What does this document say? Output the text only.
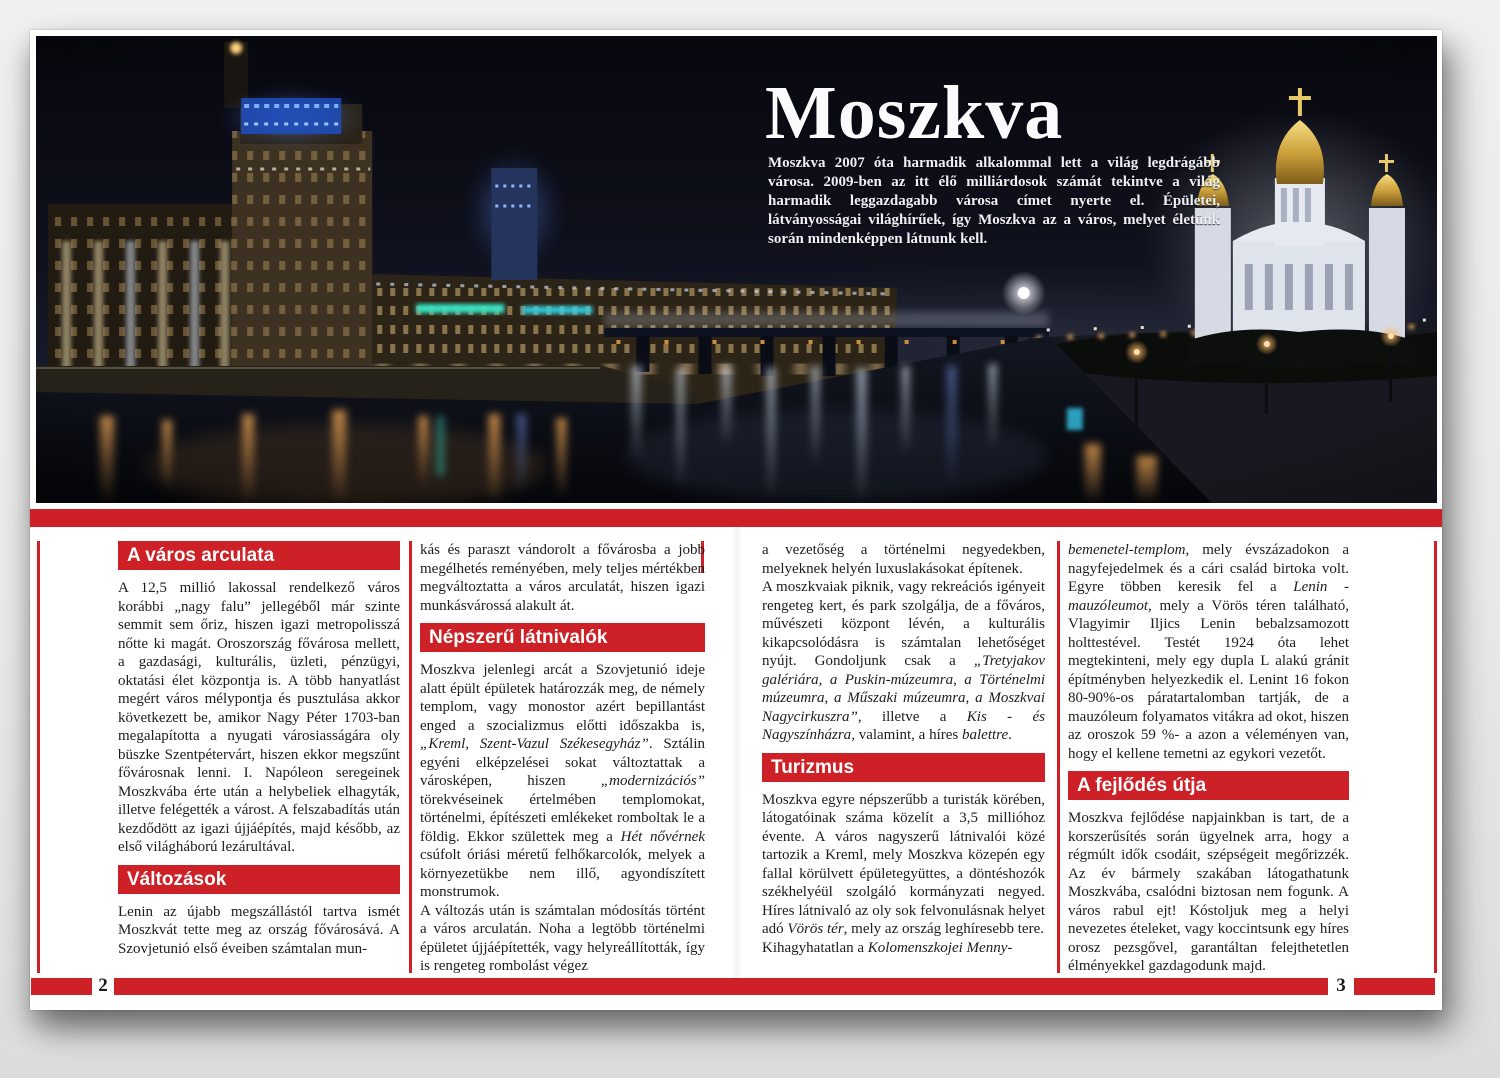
Moszkva
Moszkva 2007 óta harmadik alkalommal lett a világ legdrágább városa. 2009-ben az itt élő milliárdosok számát tekintve a világ harmadik leggazdagabb városa címet nyerte el. Épületei, látványosságai világhírűek, így Moszkva az a város, melyet életünk során mindenképpen látnunk kell.
A város arculata

A 12,5 millió lakossal rendelkező város korábbi „nagy falu” jellegéből már szinte semmit sem őriz, hiszen igazi metropolisszá nőtte ki magát. Oroszország fővárosa mellett, a gazdasági, kulturális, üzleti, pénzügyi, oktatási élet központja is. A több hanyatlást megért város mélypontja és pusztulása akkor következett be, amikor Nagy Péter 1703-ban megalapította a nyugati városiasságára oly büszke Szentpétervárt, hiszen ekkor megszűnt fővárosnak lenni. I. Napóleon seregeinek Moszkvába érte után a helybeliek elhagyták, illetve felégették a várost. A felszabadítás után kezdődött az igazi újjáépítés, majd később, az első világháború lezárultával.

Változások

Lenin az újabb megszállástól tartva ismét Moszkvát tette meg az ország fővárosává. A Szovjetunió első éveiben számtalan mun-

kás és paraszt vándorolt a fővárosba a jobb megélhetés reményében, mely teljes mértékben megváltoztatta a város arculatát, hiszen igazi munkásvárossá alakult át.

Népszerű látnivalók

Moszkva jelenlegi arcát a Szovjetunió ideje alatt épült épületek határozzák meg, de némely templom, vagy monostor azért bepillantást enged a szocializmus előtti időszakba is, „Kreml, Szent-Vazul Székesegyház”. Sztálin egyéni elképzelései sokat változtattak a városképen, hiszen „modernizációs” törekvéseinek értelmében templomokat, történelmi, építészeti emlékeket romboltak le a földig. Ekkor születtek meg a Hét nővérnek csúfolt óriási méretű felhőkarcolók, melyek a környezetükbe nem illő, agyondíszített monstrumok.

A változás után is számtalan módosítás történt a város arculatán. Noha a legtöbb történelmi épületet újjáépítették, vagy helyreállították, így is rengeteg rombolást végez

a vezetőség a történelmi negyedekben, melyeknek helyén luxuslakásokat építenek.

A moszkvaiak piknik, vagy rekreációs igényeit rengeteg kert, és park szolgálja, de a főváros, művészeti központ lévén, a kulturális kikapcsolódásra is számtalan lehetőséget nyújt. Gondoljunk csak a „Tretyjakov galériára, a Puskin-múzeumra, a Történelmi múzeumra, a Műszaki múzeumra, a Moszkvai Nagycirkuszra”, illetve a Kis - és Nagyszínházra, valamint, a híres balettre.

Turizmus

Moszkva egyre népszerűbb a turisták körében, látogatóinak száma közelít a 3,5 millióhoz évente. A város nagyszerű látnivalói közé tartozik a Kreml, mely Moszkva közepén egy fallal körülvett épületegyüttes, a döntéshozók székhelyéül szolgáló kormányzati negyed. Híres látnivaló az oly sok felvonulásnak helyet adó Vörös tér, mely az ország leghíresebb tere.

Kihagyhatatlan a Kolomenszkojei Menny-

bemenetel-templom, mely évszázadokon a nagyfejedelmek és a cári család birtoka volt. Egyre többen keresik fel a Lenin - mauzóleumot, mely a Vörös téren található, Vlagyimir Iljics Lenin bebalzsamozott holttestével. Testét 1924 óta lehet megtekinteni, mely egy dupla L alakú gránit építményben helyezkedik el. Lenint 16 fokon 80-90%-os páratartalomban tartják, de a mauzóleum folyamatos vitákra ad okot, hiszen az oroszok 59 %- a azon a véleményen van, hogy el kellene temetni az egykori vezetőt.

A fejlődés útja

Moszkva fejlődése napjainkban is tart, de a korszerűsítés során ügyelnek arra, hogy a régmúlt idők csodáit, szépségeit megőrizzék. Az év bármely szakában látogathatunk Moszkvába, csalódni biztosan nem fogunk. A város rabul ejt! Kóstoljuk meg a helyi nevezetes ételeket, vagy koccintsunk egy híres orosz pezsgővel, garantáltan felejthetetlen élményekkel gazdagodunk majd.

2	3
